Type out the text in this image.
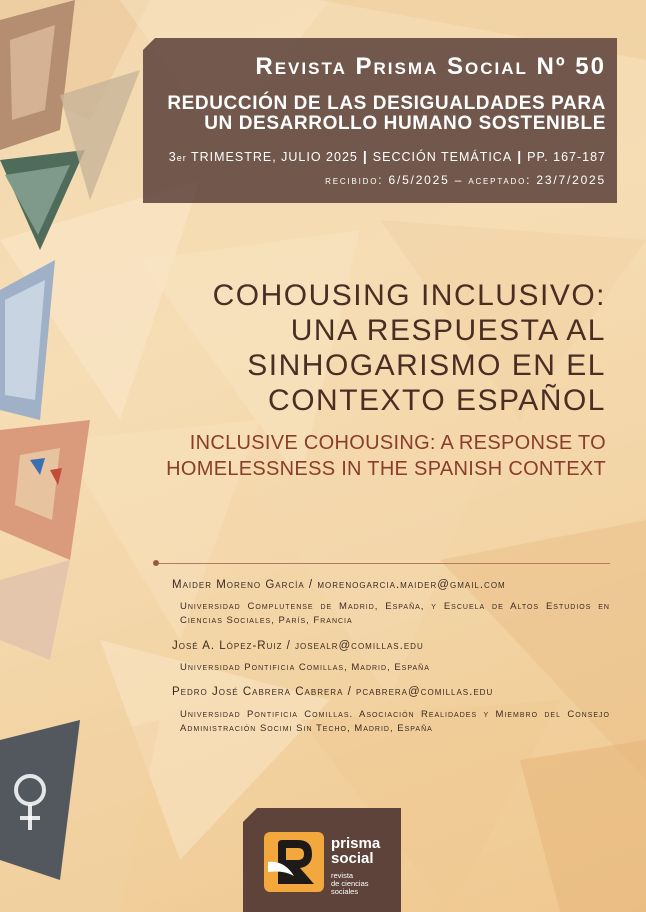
Revista Prisma Social Nº 50
REDUCCIÓN DE LAS DESIGUALDADES PARA UN DESARROLLO HUMANO SOSTENIBLE
3er TRIMESTRE, JULIO 2025 | SECCIÓN TEMÁTICA | PP. 167-187
recibido: 6/5/2025 – aceptado: 23/7/2025
COHOUSING INCLUSIVO:
UNA RESPUESTA AL
SINHOGARISMO EN EL
CONTEXTO ESPAÑOL
INCLUSIVE COHOUSING: A RESPONSE TO
HOMELESSNESS IN THE SPANISH CONTEXT
Maider Moreno García / morenogarcia.maider@gmail.com
Universidad Complutense de Madrid, España, y Escuela de Altos Estudios en Ciencias Sociales, París, Francia
José A. López-Ruiz / josealr@comillas.edu
Universidad Pontificia Comillas, Madrid, España
Pedro José Cabrera Cabrera / pcabrera@comillas.edu
Universidad Pontificia Comillas. Asociación Realidades y Miembro del Consejo Administración Socimi Sin Techo, Madrid, España
prisma
social
revista
de ciencias
sociales
